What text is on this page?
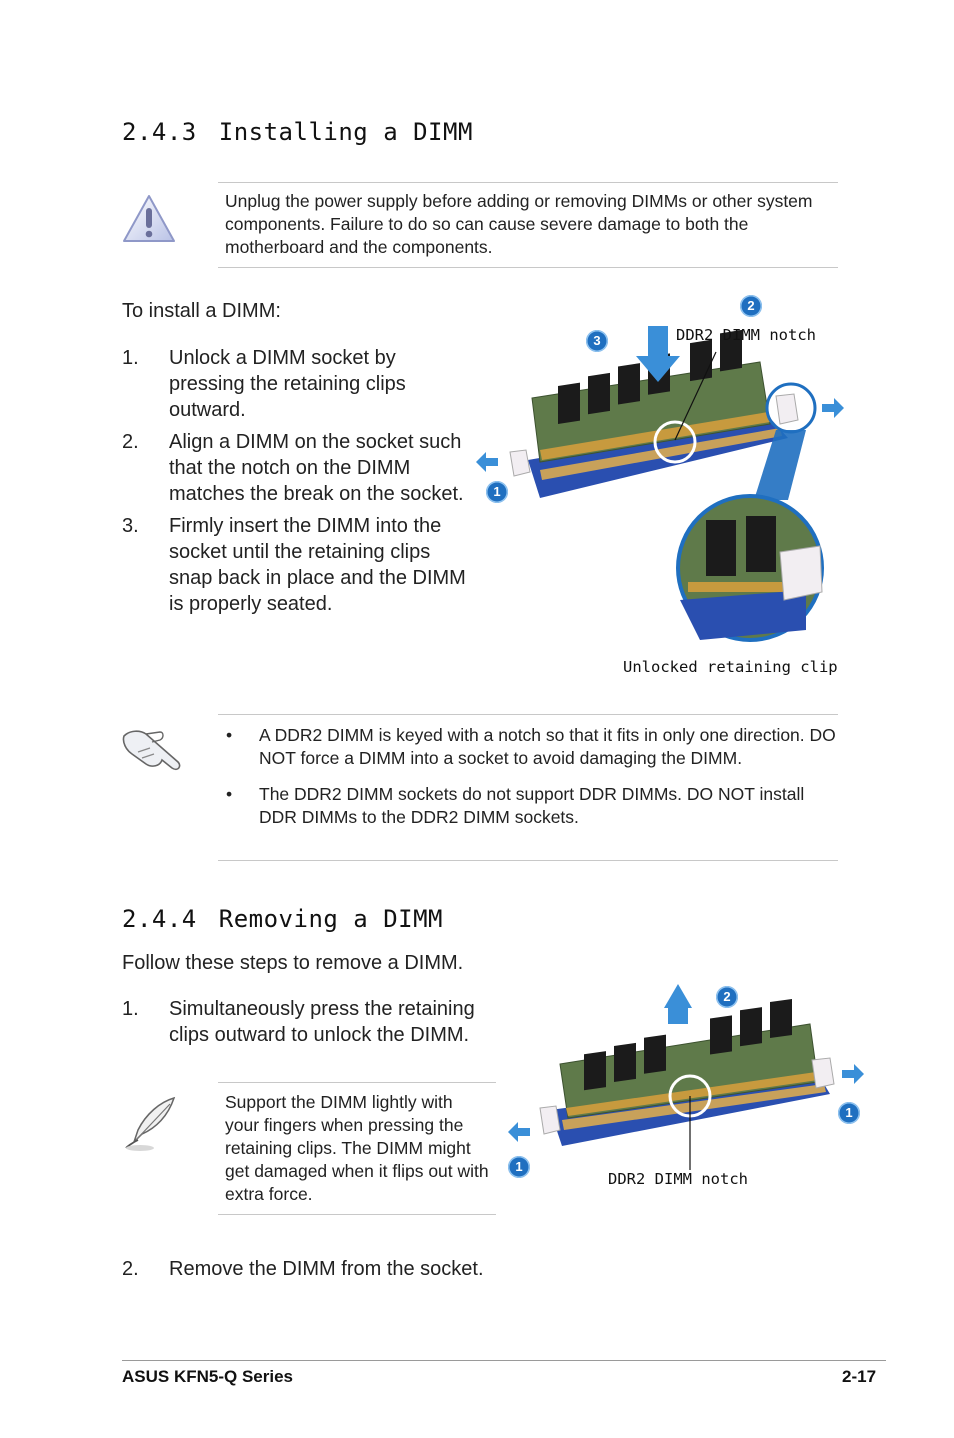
2.4.3 Installing a DIMM
Unplug the power supply before adding or removing DIMMs or other system components. Failure to do so can cause severe damage to both the motherboard and the components.
To install a DIMM:
1. Unlock a DIMM socket by pressing the retaining clips outward.
2. Align a DIMM on the socket such that the notch on the DIMM matches the break on the socket.
3. Firmly insert the DIMM into the socket until the retaining clips snap back in place and the DIMM is properly seated.
2
3
1
DDR2 DIMM notch
Unlocked retaining clip
• A DDR2 DIMM is keyed with a notch so that it fits in only one direction. DO NOT force a DIMM into a socket to avoid damaging the DIMM.
• The DDR2 DIMM sockets do not support DDR DIMMs. DO NOT install DDR DIMMs to the DDR2 DIMM sockets.
2.4.4 Removing a DIMM
Follow these steps to remove a DIMM.
1. Simultaneously press the retaining clips outward to unlock the DIMM.
Support the DIMM lightly with your fingers when pressing the retaining clips. The DIMM might get damaged when it flips out with extra force.
2
1
1
DDR2 DIMM notch
2. Remove the DIMM from the socket.
ASUS KFN5-Q Series	2-17
